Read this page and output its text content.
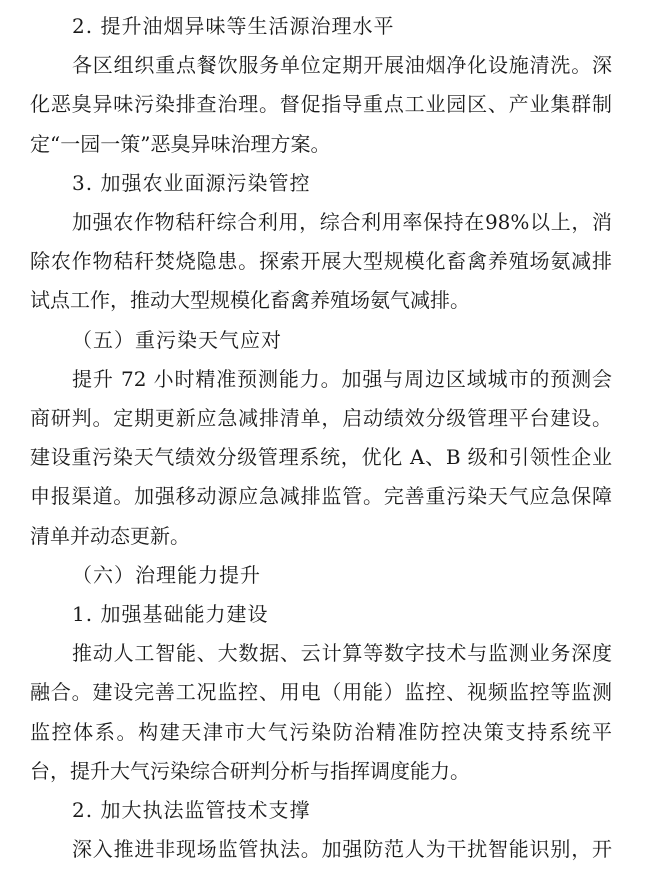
2. 提升油烟异味等生活源治理水平
各区组织重点餐饮服务单位定期开展油烟净化设施清洗。深
化恶臭异味污染排查治理。督促指导重点工业园区、产业集群制
定“一园一策”恶臭异味治理方案。
3. 加强农业面源污染管控
加强农作物秸秆综合利用，综合利用率保持在98%以上，消
除农作物秸秆焚烧隐患。探索开展大型规模化畜禽养殖场氨减排
试点工作，推动大型规模化畜禽养殖场氨气减排。
（五）重污染天气应对
提升 72 小时精准预测能力。加强与周边区域城市的预测会
商研判。定期更新应急减排清单，启动绩效分级管理平台建设。
建设重污染天气绩效分级管理系统，优化 A、B 级和引领性企业
申报渠道。加强移动源应急减排监管。完善重污染天气应急保障
清单并动态更新。
（六）治理能力提升
1. 加强基础能力建设
推动人工智能、大数据、云计算等数字技术与监测业务深度
融合。建设完善工况监控、用电（用能）监控、视频监控等监测
监控体系。构建天津市大气污染防治精准防控决策支持系统平
台，提升大气污染综合研判分析与指挥调度能力。
2. 加大执法监管技术支撑
深入推进非现场监管执法。加强防范人为干扰智能识别，开
